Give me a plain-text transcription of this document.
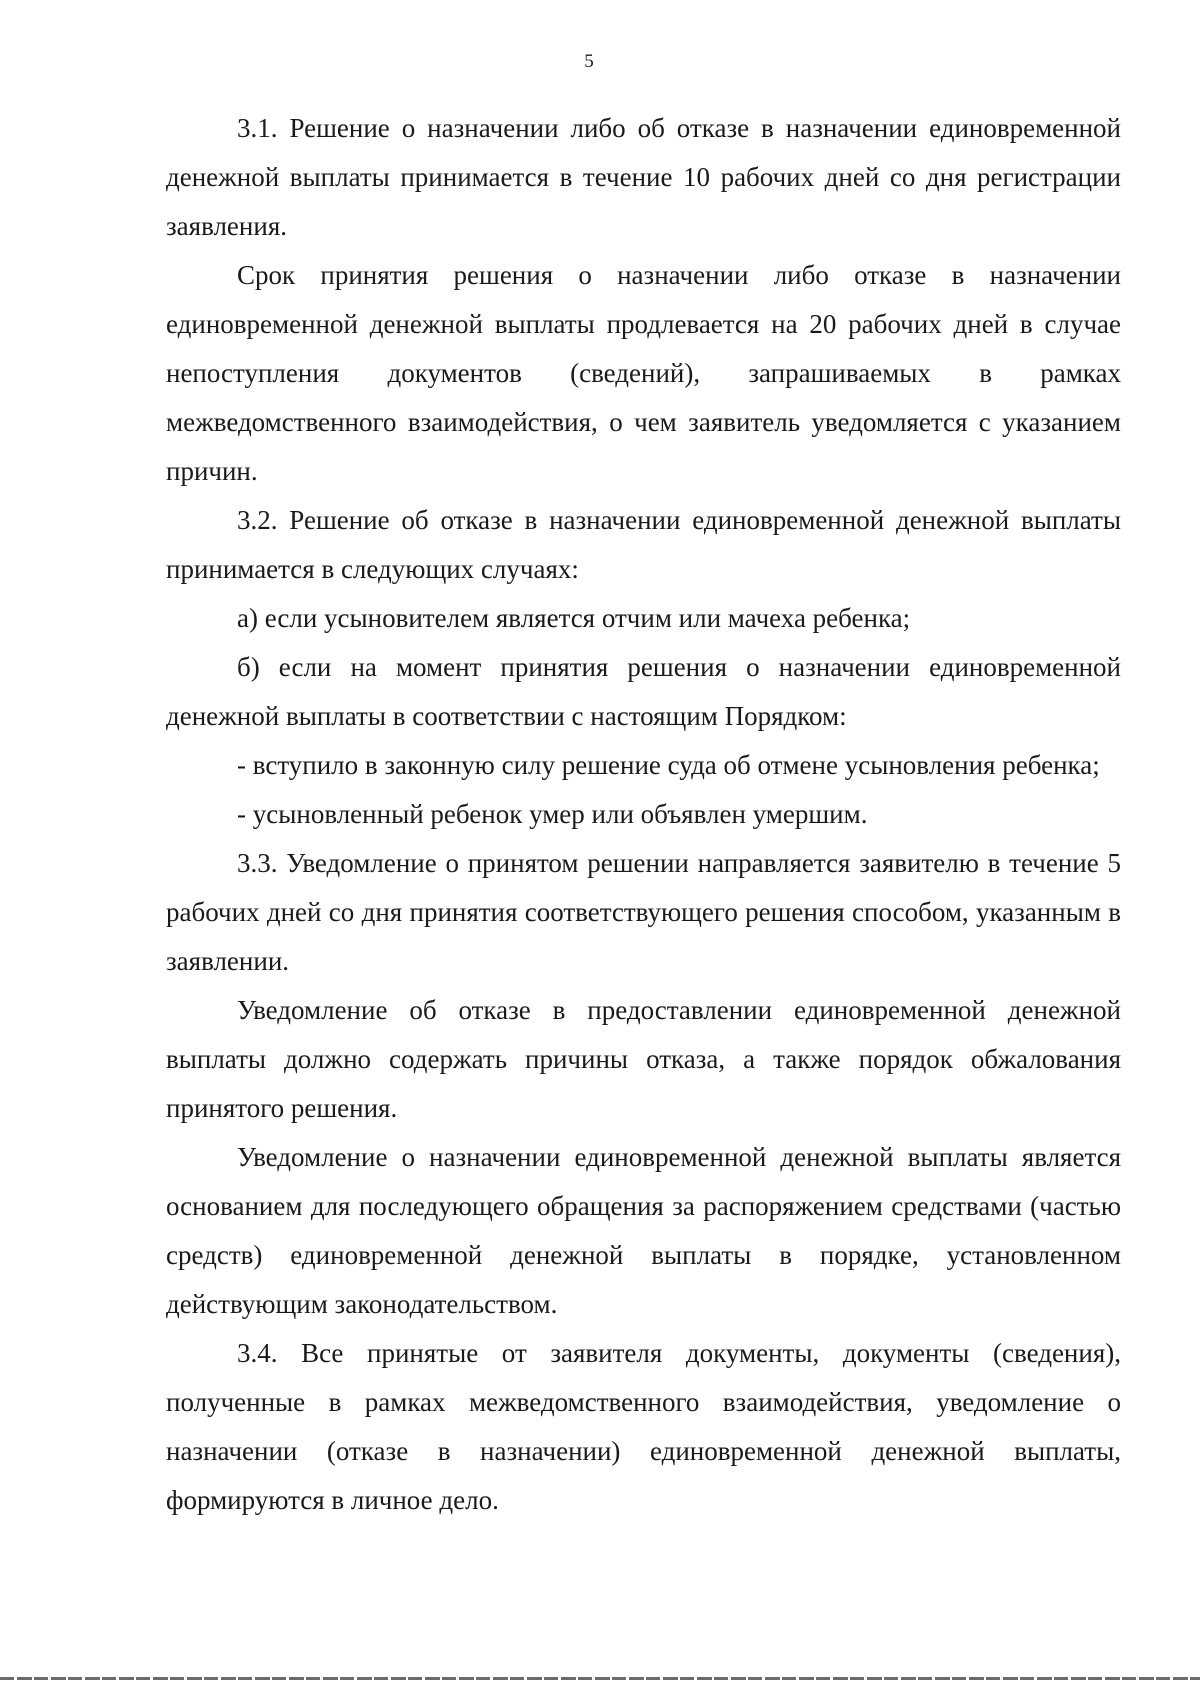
5

3.1. Решение о назначении либо об отказе в назначении единовременной денежной выплаты принимается в течение 10 рабочих дней со дня регистрации заявления.

Срок принятия решения о назначении либо отказе в назначении единовременной денежной выплаты продлевается на 20 рабочих дней в случае непоступления документов (сведений), запрашиваемых в рамках межведомственного взаимодействия, о чем заявитель уведомляется с указанием причин.

3.2. Решение об отказе в назначении единовременной денежной выплаты принимается в следующих случаях:

а) если усыновителем является отчим или мачеха ребенка;

б) если на момент принятия решения о назначении единовременной денежной выплаты в соответствии с настоящим Порядком:

- вступило в законную силу решение суда об отмене усыновления ребенка;

- усыновленный ребенок умер или объявлен умершим.

3.3. Уведомление о принятом решении направляется заявителю в течение 5 рабочих дней со дня принятия соответствующего решения способом, указанным в заявлении.

Уведомление об отказе в предоставлении единовременной денежной выплаты должно содержать причины отказа, а также порядок обжалования принятого решения.

Уведомление о назначении единовременной денежной выплаты является основанием для последующего обращения за распоряжением средствами (частью средств) единовременной денежной выплаты в порядке, установленном действующим законодательством.

3.4. Все принятые от заявителя документы, документы (сведения), полученные в рамках межведомственного взаимодействия, уведомление о назначении (отказе в назначении) единовременной денежной выплаты, формируются в личное дело.
